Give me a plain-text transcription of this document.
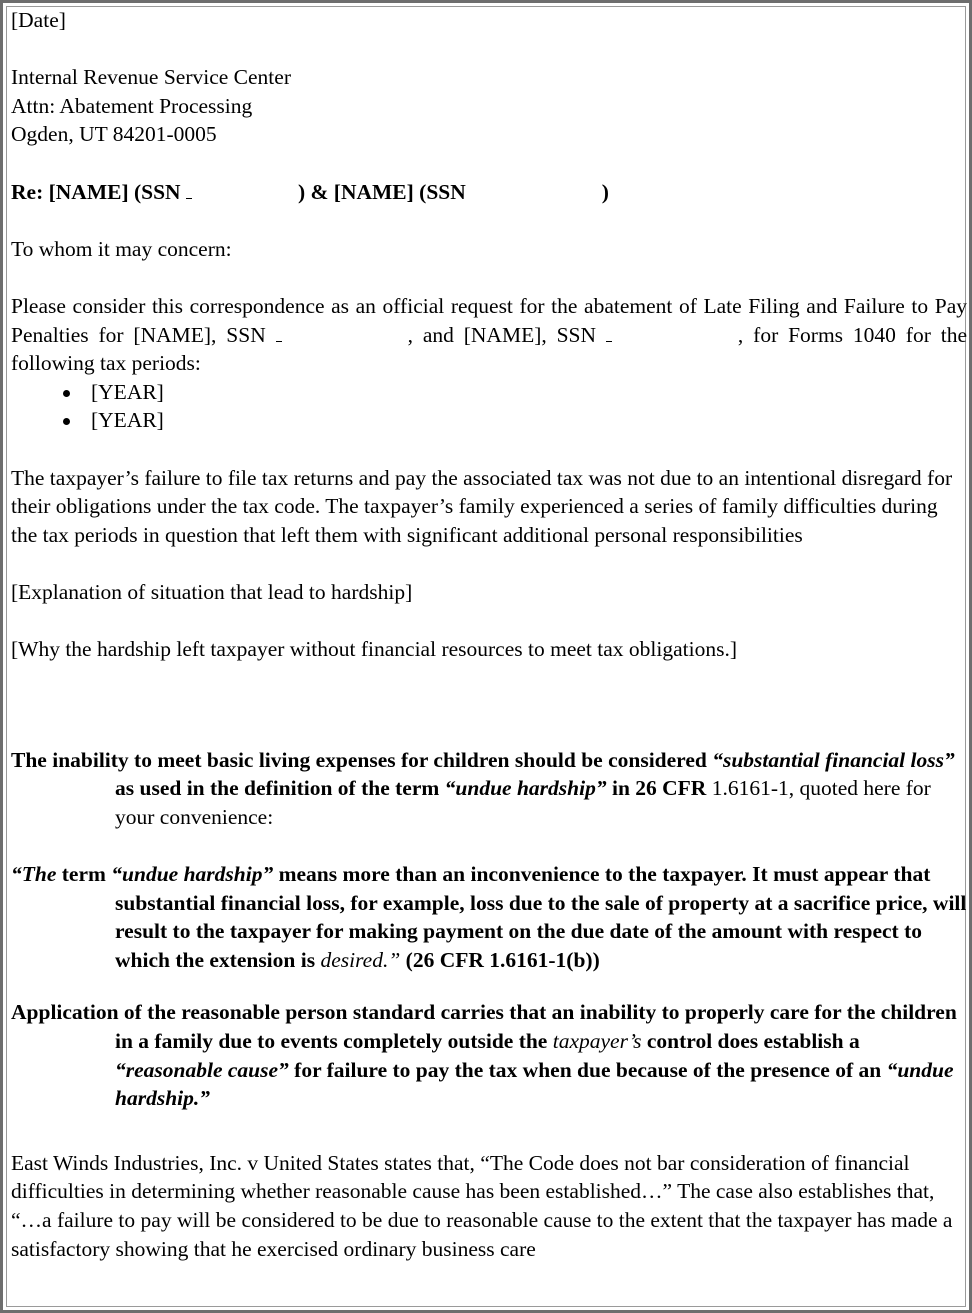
[Date]

Internal Revenue Service Center

Attn: Abatement Processing

Ogden, UT 84201-0005

Re: [NAME] (SSN	) & [NAME] (SSN	)

To whom it may concern:

Please consider this correspondence as an official request for the abatement of Late Filing and Failure to Pay Penalties for [NAME], SSN	, and [NAME], SSN	, for Forms 1040 for the following tax periods:

[YEAR]
[YEAR]

The taxpayer’s failure to file tax returns and pay the associated tax was not due to an intentional disregard for their obligations under the tax code. The taxpayer’s family experienced a series of family difficulties during the tax periods in question that left them with significant additional personal responsibilities

[Explanation of situation that lead to hardship]

[Why the hardship left taxpayer without financial resources to meet tax obligations.]

The inability to meet basic living expenses for children should be considered “substantial financial loss” as used in the definition of the term “undue hardship” in 26 CFR 1.6161-1, quoted here for your convenience:

“The term “undue hardship” means more than an inconvenience to the taxpayer. It must appear that substantial financial loss, for example, loss due to the sale of property at a sacrifice price, will result to the taxpayer for making payment on the due date of the amount with respect to which the extension is desired.” (26 CFR 1.6161-1(b))

Application of the reasonable person standard carries that an inability to properly care for the children in a family due to events completely outside the taxpayer’s control does establish a “reasonable cause” for failure to pay the tax when due because of the presence of an “undue hardship.”

East Winds Industries, Inc. v United States states that, “The Code does not bar consideration of financial difficulties in determining whether reasonable cause has been established…” The case also establishes that, “…a failure to pay will be considered to be due to reasonable cause to the extent that the taxpayer has made a satisfactory showing that he exercised ordinary business care
